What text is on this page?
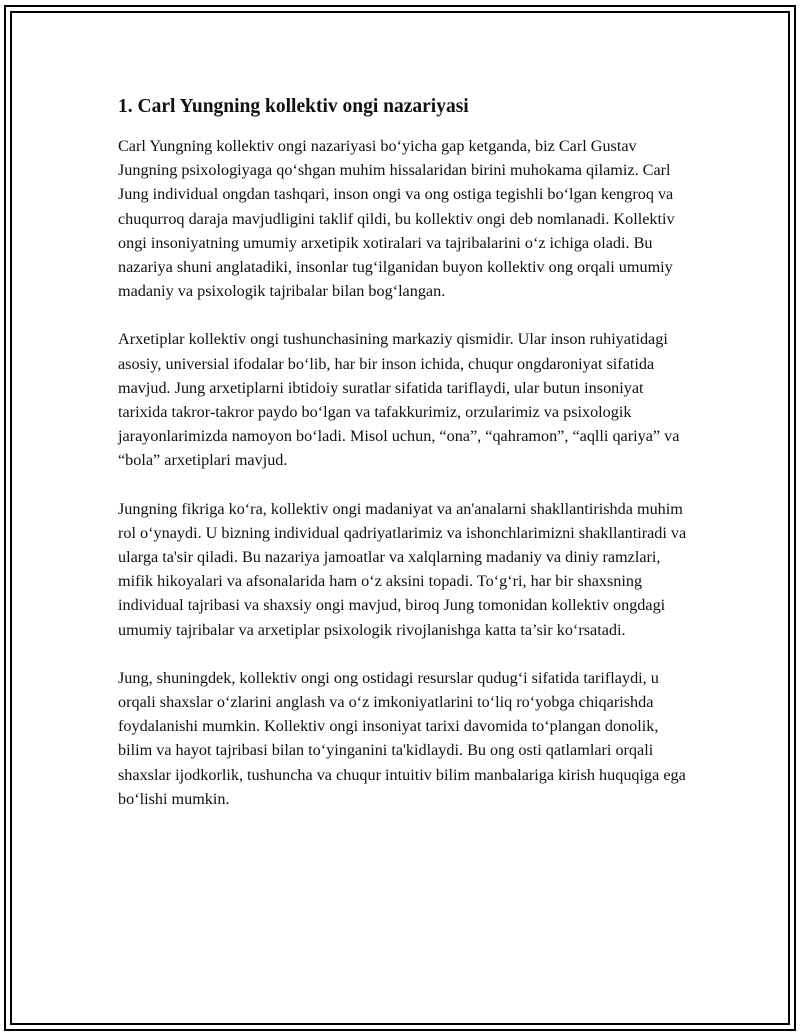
1. Carl Yungning kollektiv ongi nazariyasi

Carl Yungning kollektiv ongi nazariyasi bo‘yicha gap ketganda, biz Carl Gustav Jungning psixologiyaga qo‘shgan muhim hissalaridan birini muhokama qilamiz. Carl Jung individual ongdan tashqari, inson ongi va ong ostiga tegishli bo‘lgan kengroq va chuqurroq daraja mavjudligini taklif qildi, bu kollektiv ongi deb nomlanadi. Kollektiv ongi insoniyatning umumiy arxetipik xotiralari va tajribalarini o‘z ichiga oladi. Bu nazariya shuni anglatadiki, insonlar tug‘ilganidan buyon kollektiv ong orqali umumiy madaniy va psixologik tajribalar bilan bog‘langan.

Arxetiplar kollektiv ongi tushunchasining markaziy qismidir. Ular inson ruhiyatidagi asosiy, universial ifodalar bo‘lib, har bir inson ichida, chuqur ongdaroniyat sifatida mavjud. Jung arxetiplarni ibtidoiy suratlar sifatida tariflaydi, ular butun insoniyat tarixida takror-takror paydo bo‘lgan va tafakkurimiz, orzularimiz va psixologik jarayonlarimizda namoyon bo‘ladi. Misol uchun, “ona”, “qahramon”, “aqlli qariya” va “bola” arxetiplari mavjud.

Jungning fikriga ko‘ra, kollektiv ongi madaniyat va an'analarni shakllantirishda muhim rol o‘ynaydi. U bizning individual qadriyatlarimiz va ishonchlarimizni shakllantiradi va ularga ta'sir qiladi. Bu nazariya jamoatlar va xalqlarning madaniy va diniy ramzlari, mifik hikoyalari va afsonalarida ham o‘z aksini topadi. To‘g‘ri, har bir shaxsning individual tajribasi va shaxsiy ongi mavjud, biroq Jung tomonidan kollektiv ongdagi umumiy tajribalar va arxetiplar psixologik rivojlanishga katta ta’sir ko‘rsatadi.

Jung, shuningdek, kollektiv ongi ong ostidagi resurslar qudug‘i sifatida tariflaydi, u orqali shaxslar o‘zlarini anglash va o‘z imkoniyatlarini to‘liq ro‘yobga chiqarishda foydalanishi mumkin. Kollektiv ongi insoniyat tarixi davomida to‘plangan donolik, bilim va hayot tajribasi bilan to‘yinganini ta'kidlaydi. Bu ong osti qatlamlari orqali shaxslar ijodkorlik, tushuncha va chuqur intuitiv bilim manbalariga kirish huquqiga ega bo‘lishi mumkin.
